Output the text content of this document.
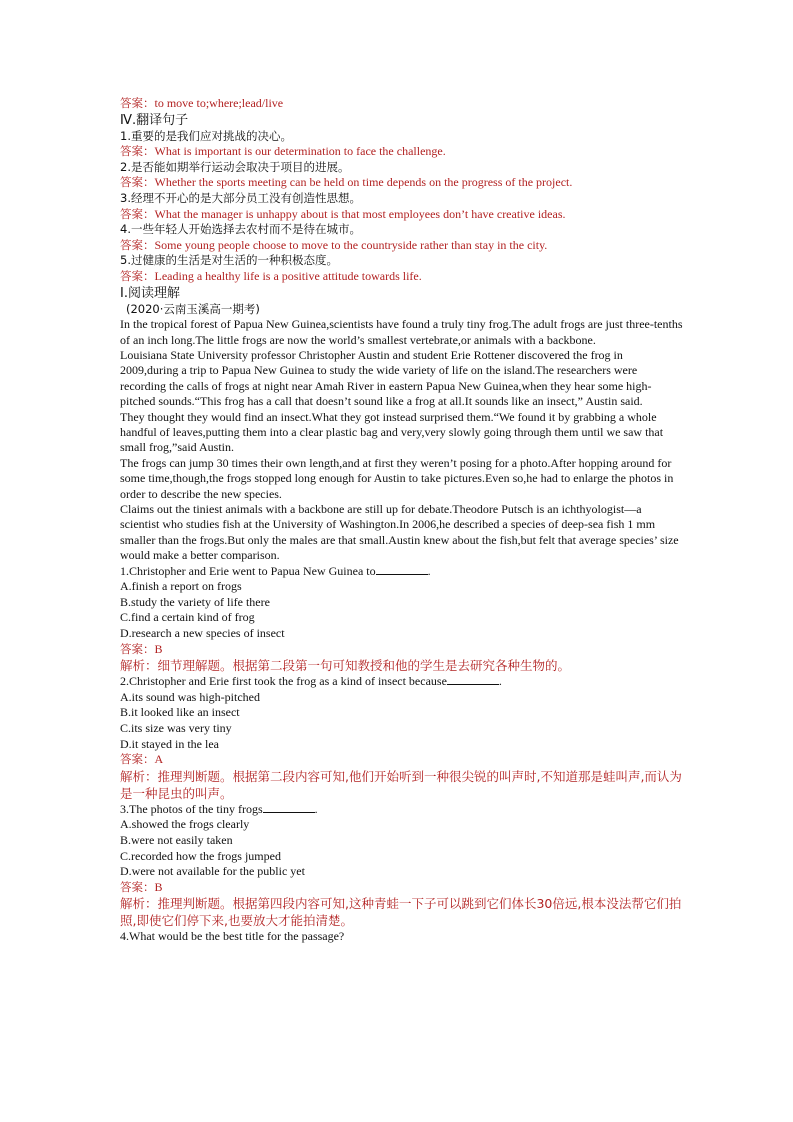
答案：to move to;where;lead/live

Ⅳ.翻译句子

1.重要的是我们应对挑战的决心。

答案：What is important is our determination to face the challenge.

2.是否能如期举行运动会取决于项目的进展。

答案：Whether the sports meeting can be held on time depends on the progress of the project.

3.经理不开心的是大部分员工没有创造性思想。

答案：What the manager is unhappy about is that most employees don’t have creative ideas.

4.一些年轻人开始选择去农村而不是待在城市。

答案：Some young people choose to move to the countryside rather than stay in the city.

5.过健康的生活是对生活的一种积极态度。

答案：Leading a healthy life is a positive attitude towards life.

Ⅰ.阅读理解

(2020·云南玉溪高一期考)

In the tropical forest of Papua New Guinea,scientists have found a truly tiny frog.The adult frogs are just three-tenths of an inch long.The little frogs are now the world’s smallest vertebrate,or animals with a backbone.

Louisiana State University professor Christopher Austin and student Erie Rottener discovered the frog in 2009,during a trip to Papua New Guinea to study the wide variety of life on the island.The researchers were recording the calls of frogs at night near Amah River in eastern Papua New Guinea,when they hear some high-pitched sounds.“This frog has a call that doesn’t sound like a frog at all.It sounds like an insect,” Austin said.

They thought they would find an insect.What they got instead surprised them.“We found it by grabbing a whole handful of leaves,putting them into a clear plastic bag and very,very slowly going through them until we saw that small frog,”said Austin.

The frogs can jump 30 times their own length,and at first they weren’t posing for a photo.After hopping around for some time,though,the frogs stopped long enough for Austin to take pictures.Even so,he had to enlarge the photos in order to describe the new species.

Claims out the tiniest animals with a backbone are still up for debate.Theodore Putsch is an ichthyologist—a scientist who studies fish at the University of Washington.In 2006,he described a species of deep-sea fish 1 mm smaller than the frogs.But only the males are that small.Austin knew about the fish,but felt that average species’ size would make a better comparison.

1.Christopher and Erie went to Papua New Guinea to	.

A.finish a report on frogs

B.study the variety of life there

C.find a certain kind of frog

D.research a new species of insect

答案：B

解析：细节理解题。根据第二段第一句可知教授和他的学生是去研究各种生物的。

2.Christopher and Erie first took the frog as a kind of insect because	.

A.its sound was high-pitched

B.it looked like an insect

C.its size was very tiny

D.it stayed in the lea

答案：A

解析：推理判断题。根据第二段内容可知,他们开始听到一种很尖锐的叫声时,不知道那是蛙叫声,而认为是一种昆虫的叫声。

3.The photos of the tiny frogs	.

A.showed the frogs clearly

B.were not easily taken

C.recorded how the frogs jumped

D.were not available for the public yet

答案：B

解析：推理判断题。根据第四段内容可知,这种青蛙一下子可以跳到它们体长30倍远,根本没法帮它们拍照,即使它们停下来,也要放大才能拍清楚。

4.What would be the best title for the passage?
